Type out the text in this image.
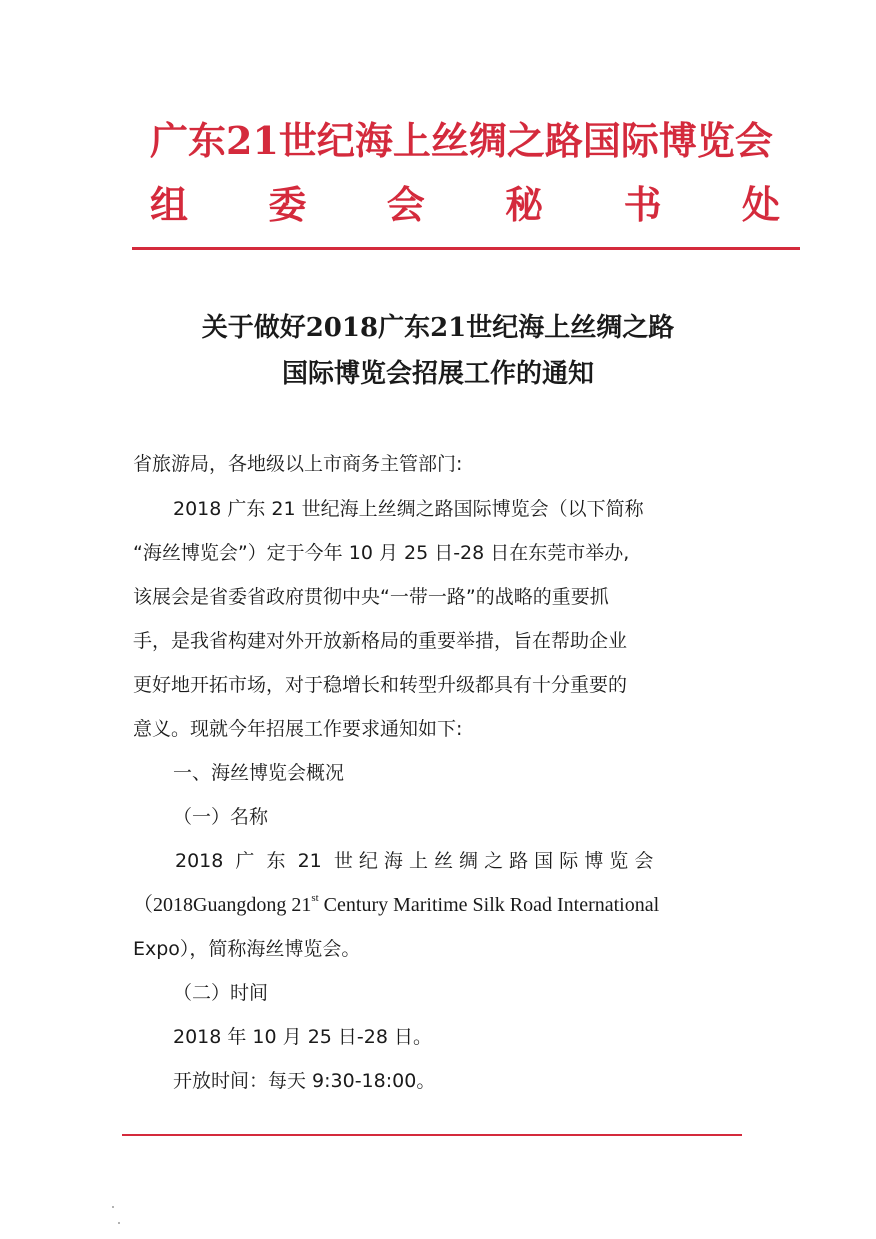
广东21世纪海上丝绸之路国际博览会
组 委 会 秘 书 处
关于做好2018广东21世纪海上丝绸之路
国际博览会招展工作的通知
省旅游局，各地级以上市商务主管部门:
2018 广东 21 世纪海上丝绸之路国际博览会（以下简称
“海丝博览会”）定于今年 10 月 25 日-28 日在东莞市举办,
该展会是省委省政府贯彻中央“一带一路”的战略的重要抓
手，是我省构建对外开放新格局的重要举措，旨在帮助企业
更好地开拓市场，对于稳增长和转型升级都具有十分重要的
意义。现就今年招展工作要求通知如下:
一、海丝博览会概况
（一）名称
2018  广  东  21  世 纪 海 上 丝 绸 之 路 国 际 博 览 会
（2018Guangdong 21st Century Maritime Silk Road International
Expo），简称海丝博览会。
（二）时间
2018 年 10 月 25 日-28 日。
开放时间：每天 9:30-18:00。
